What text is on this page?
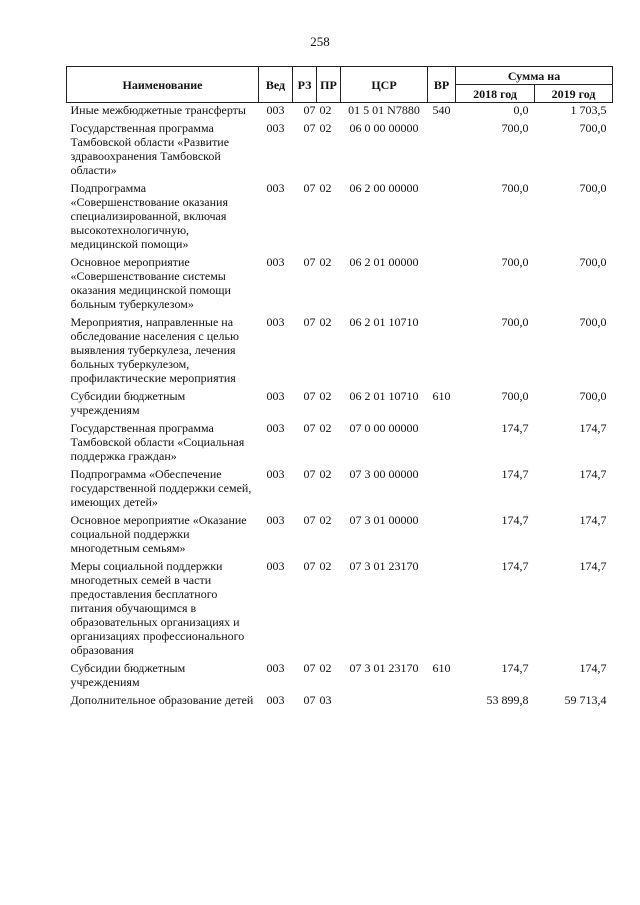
258
Наименование	Вед	РЗ	ПР	ЦСР	ВР	Сумма на	
						2018 год	2019 год
Иные межбюджетные трансферты	003	07	02	01 5 01 N7880	540	0,0	1 703,5
Государственная программа Тамбовской области «Развитие здравоохранения Тамбовской области»	003	07	02	06 0 00 00000		700,0	700,0
Подпрограмма «Совершенствование оказания специализированной, включая высокотехнологичную, медицинской помощи»	003	07	02	06 2 00 00000		700,0	700,0
Основное мероприятие «Совершенствование системы оказания медицинской помощи больным туберкулезом»	003	07	02	06 2 01 00000		700,0	700,0
Мероприятия, направленные на обследование населения с целью выявления туберкулеза, лечения больных туберкулезом, профилактические мероприятия	003	07	02	06 2 01 10710		700,0	700,0
Субсидии бюджетным учреждениям	003	07	02	06 2 01 10710	610	700,0	700,0
Государственная программа Тамбовской области «Социальная поддержка граждан»	003	07	02	07 0 00 00000		174,7	174,7
Подпрограмма «Обеспечение государственной поддержки семей, имеющих детей»	003	07	02	07 3 00 00000		174,7	174,7
Основное мероприятие «Оказание социальной поддержки многодетным семьям»	003	07	02	07 3 01 00000		174,7	174,7
Меры социальной поддержки многодетных семей в части предоставления бесплатного питания обучающимся в образовательных организациях и организациях профессионального образования	003	07	02	07 3 01 23170		174,7	174,7
Субсидии бюджетным учреждениям	003	07	02	07 3 01 23170	610	174,7	174,7
Дополнительное образование детей	003	07	03			53 899,8	59 713,4
